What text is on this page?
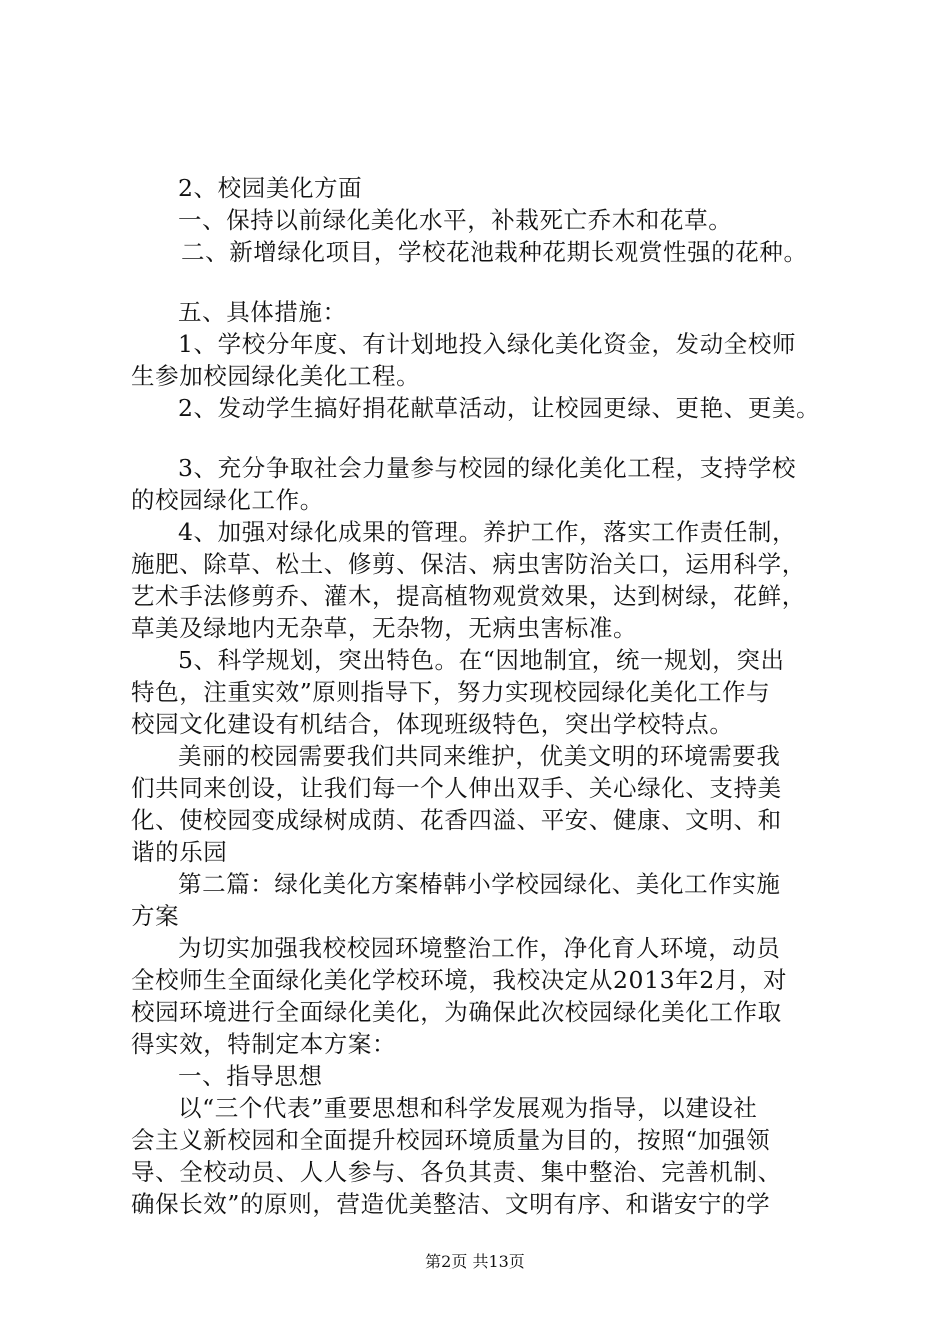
2、校园美化方面
一、保持以前绿化美化水平，补栽死亡乔木和花草。
二、新增绿化项目，学校花池栽种花期长观赏性强的花种。
五、具体措施：
1、学校分年度、有计划地投入绿化美化资金，发动全校师
生参加校园绿化美化工程。
2、发动学生搞好捐花献草活动，让校园更绿、更艳、更美。
3、充分争取社会力量参与校园的绿化美化工程，支持学校
的校园绿化工作。
4、加强对绿化成果的管理。养护工作，落实工作责任制，
施肥、除草、松土、修剪、保洁、病虫害防治关口，运用科学，
艺术手法修剪乔、灌木，提高植物观赏效果，达到树绿，花鲜，
草美及绿地内无杂草，无杂物，无病虫害标准。
5、科学规划，突出特色。在“因地制宜，统一规划，突出
特色，注重实效”原则指导下，努力实现校园绿化美化工作与
校园文化建设有机结合，体现班级特色，突出学校特点。
美丽的校园需要我们共同来维护，优美文明的环境需要我
们共同来创设，让我们每一个人伸出双手、关心绿化、支持美
化、使校园变成绿树成荫、花香四溢、平安、健康、文明、和
谐的乐园
第二篇：绿化美化方案椿韩小学校园绿化、美化工作实施
方案
为切实加强我校校园环境整治工作，净化育人环境，动员
全校师生全面绿化美化学校环境，我校决定从2013年2月，对
校园环境进行全面绿化美化，为确保此次校园绿化美化工作取
得实效，特制定本方案：
一、指导思想
以“三个代表”重要思想和科学发展观为指导，以建设社
会主义新校园和全面提升校园环境质量为目的，按照“加强领
导、全校动员、人人参与、各负其责、集中整治、完善机制、
确保长效”的原则，营造优美整洁、文明有序、和谐安宁的学
第2页 共13页
